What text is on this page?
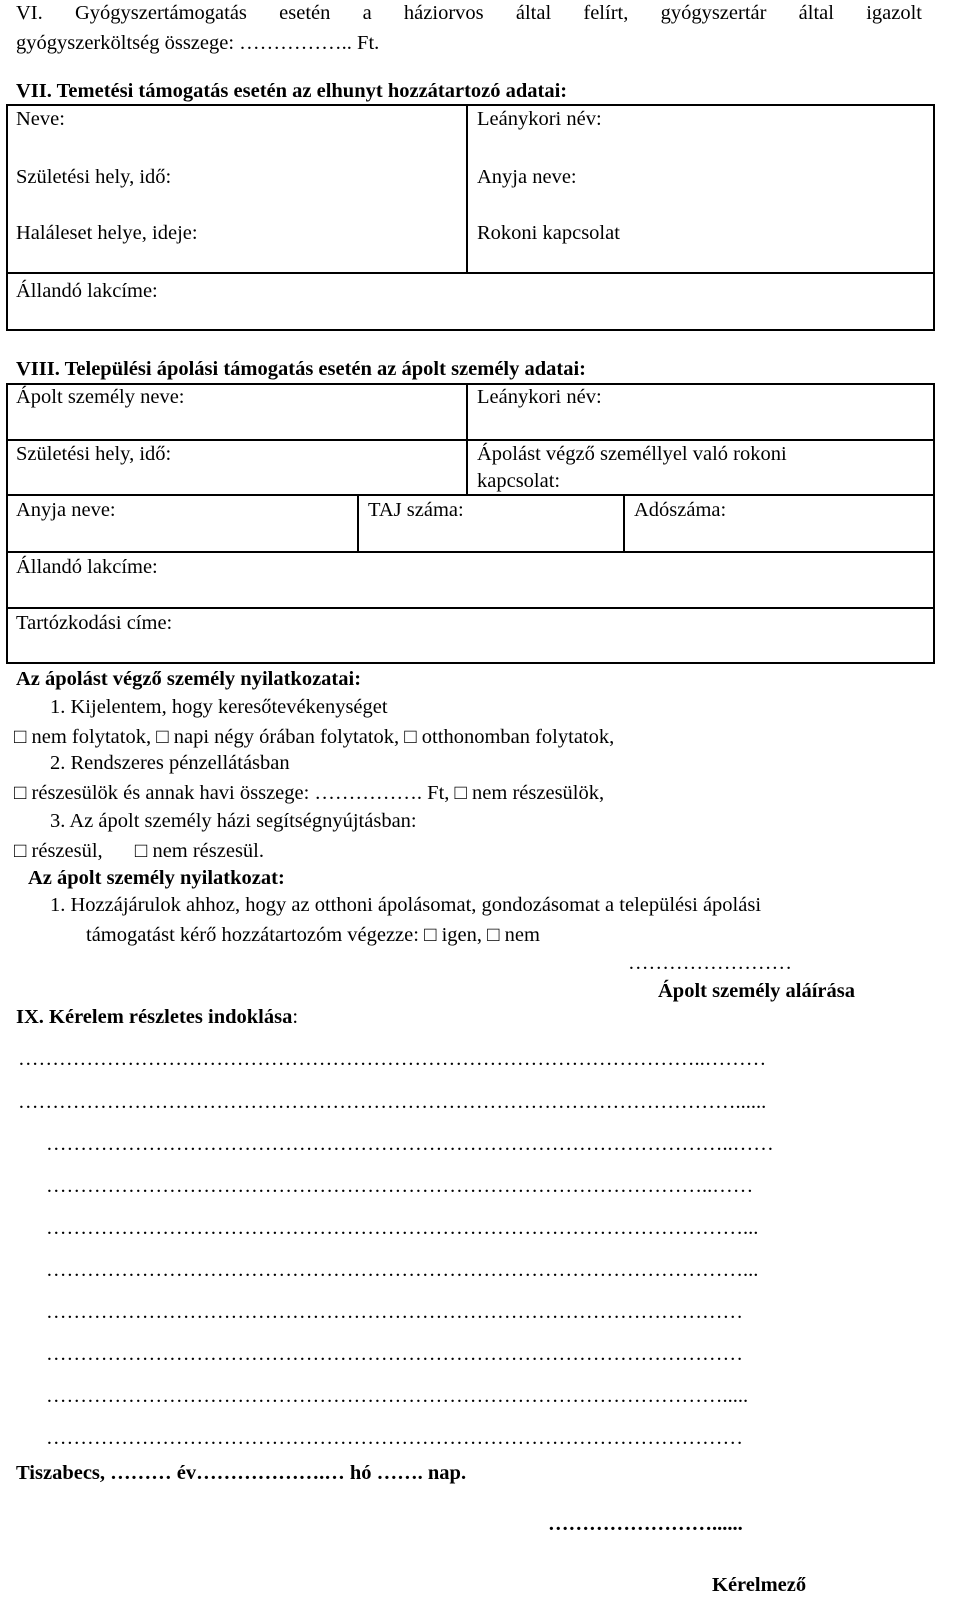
VI. Gyógyszertámogatás esetén a háziorvos által felírt, gyógyszertár által igazolt
gyógyszerköltség összege: …………….. Ft.
VII. Temetési támogatás esetén az elhunyt hozzátartozó adatai:
Neve:	Leánykori név:
Születési hely, idő:	Anyja neve:
Haláleset helye, ideje:	Rokoni kapcsolat
Állandó lakcíme:
VIII. Települési ápolási támogatás esetén az ápolt személy adatai:
Ápolt személy neve:	Leánykori név:
Születési hely, idő:	Ápolást végző személlyel való rokoni
kapcsolat:
Anyja neve:	TAJ száma:	Adószáma:
Állandó lakcíme:
Tartózkodási címe:
Az ápolást végző személy nyilatkozatai:
1. Kijelentem, hogy keresőtevékenységet
□ nem folytatok, □ napi négy órában folytatok, □ otthonomban folytatok,
2. Rendszeres pénzellátásban
□ részesülök és annak havi összege: ……………. Ft, □ nem részesülök,
3. Az ápolt személy házi segítségnyújtásban:
□ részesül, □ nem részesül.
Az ápolt személy nyilatkozat:
1. Hozzájárulok ahhoz, hogy az otthoni ápolásomat, gondozásomat a települési ápolási
támogatást kérő hozzátartozóm végezze: □ igen, □ nem
……………………
Ápolt személy aláírása
IX. Kérelem részletes indoklása:
………………………………………………………………………………………..………
……………………………………………………………………………………………......
………………………………………………………………………………………..……
……………………………………………………………………………………..……
…………………………………………………………………………………………...
…………………………………………………………………………………………...
…………………………………………………………………………………………
…………………………………………………………………………………………
……………………………………………………………………………………….....
…………………………………………………………………………………………
Tiszabecs, ……… év……………….… hó ……. nap.
……………………......
Kérelmező
